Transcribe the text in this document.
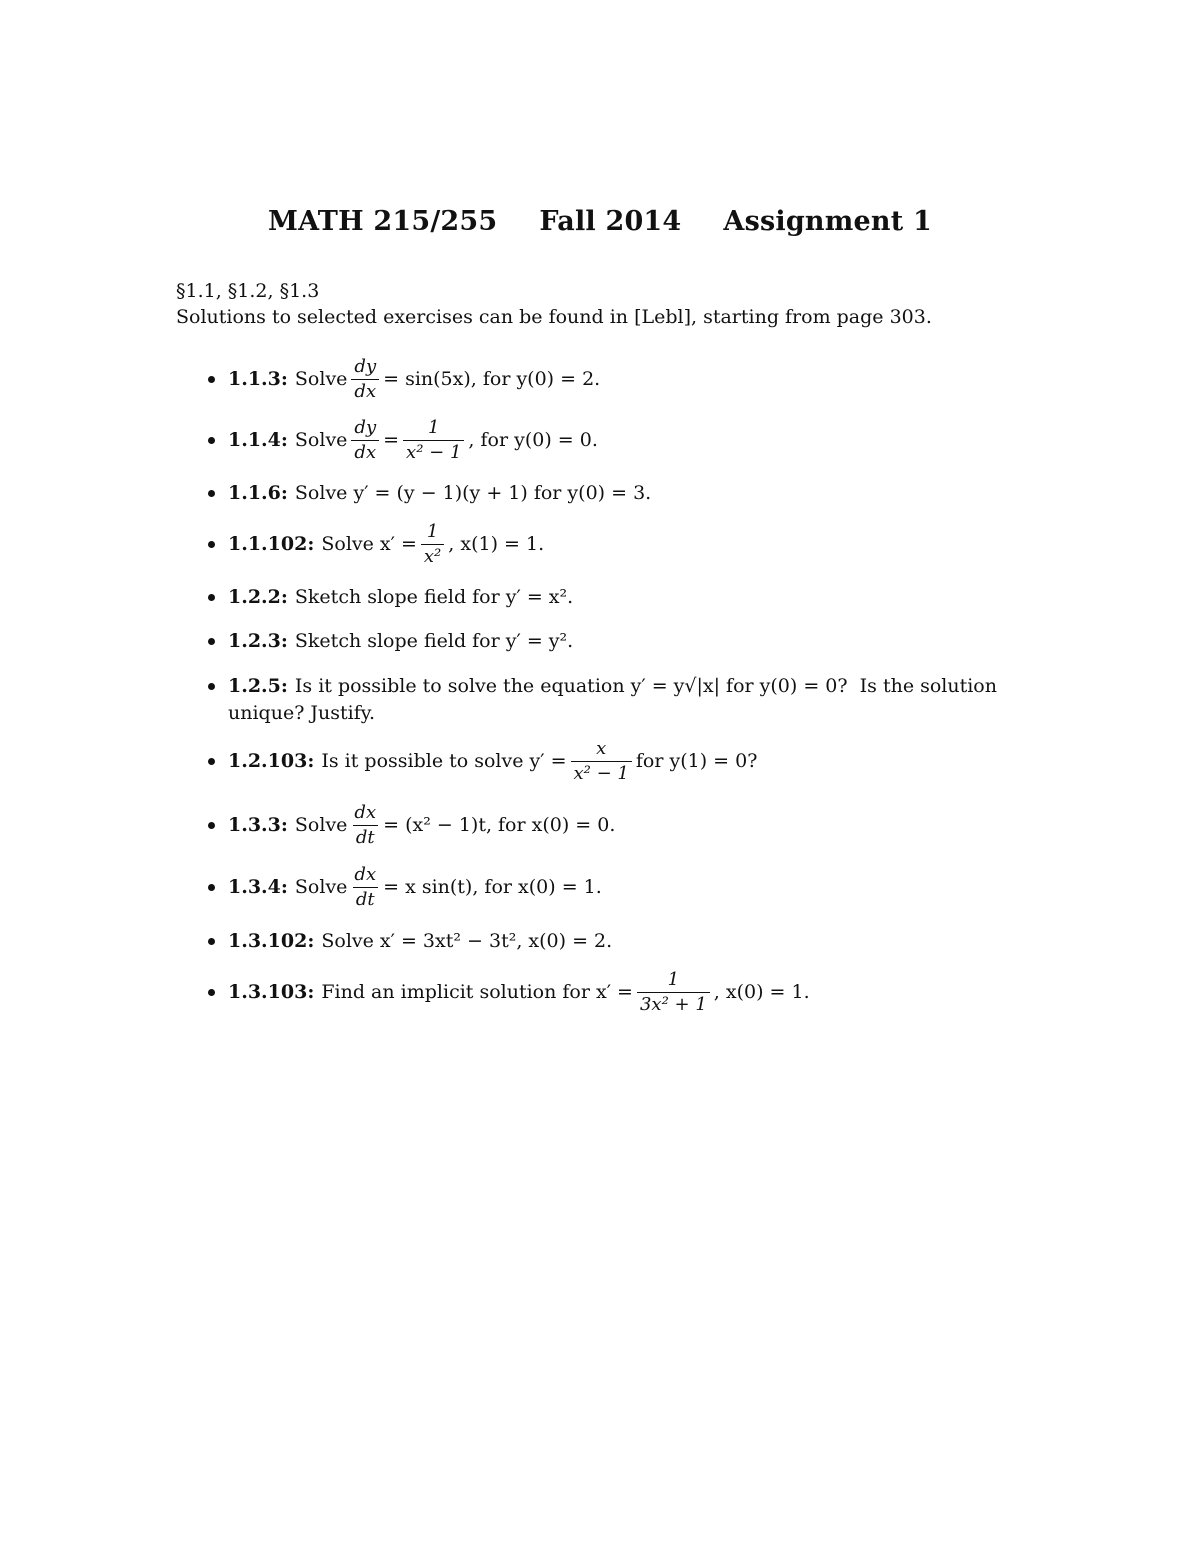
MATH 215/255 Fall 2014 Assignment 1
§1.1, §1.2, §1.3
Solutions to selected exercises can be found in [Lebl], starting from page 303.
1.1.3: Solve $\frac{dy}{dx} = \sin(5x)$, for y(0) = 2.
1.1.4: Solve $\frac{dy}{dx} = \frac{1}{\text{x² − 1}}$ , for y(0) = 0.
1.1.6: Solve y′ = (y − 1)(y + 1) for y(0) = 3.
1.1.102: Solve $x' = \frac{1}{\text{x²}}$ , x(1) = 1.
1.2.2: Sketch slope field for y′ = x².
1.2.3: Sketch slope field for y′ = y².
1.2.5: Is it possible to solve the equation y′ = y√|x| for y(0) = 0?  Is the solution
unique? Justify.
1.2.103: Is it possible to solve $y' = \frac{x}{\text{x² − 1}}$ for y(1) = 0?
1.3.3: Solve $\frac{dx}{dt} = (x^2 - 1)t$, for x(0) = 0.
1.3.4: Solve $\frac{dx}{dt} = x$ sin(t), for x(0) = 1.
1.3.102: Solve x′ = 3xt² − 3t², x(0) = 2.
1.3.103: Find an implicit solution for $x' = \frac{1}{\text{3x² + 1}}$ , x(0) = 1.
